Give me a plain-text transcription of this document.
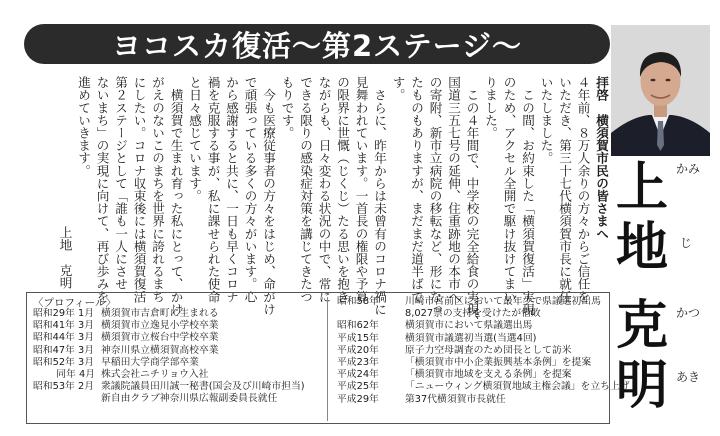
ヨコスカ復活〜第2ステージ〜
拝啓　横須賀市民の皆さまへ
４年前、８万人余りの方々からご信任を
いただき、第三十七代横須賀市長に就任
いたしました。
　この間、お約束した「横須賀復活」実現
のため、アクセル全開で駆け抜けてまい
りました。
　この４年間で、中学校の完全給食の実現、
国道三五七号の延伸、住重跡地の本市へ
の寄附、新市立病院の移転など、形になっ
たものもありますが、まだまだ道半ばで
す。
　さらに、昨年からは未曾有のコロナ禍に
見舞われています。一首長の権限や予算
の限界に世慨（じくじ）たる思いを抱き
ながらも、日々変わる状況の中で、常に
できる限りの感染症対策を講じてきたつ
もりです。
　今も医療従事者の方々をはじめ、命がけ
で頑張っている多くの方々がいます。心
から感謝すると共に、一日も早くコロナ
禍を克服する事が、私に課せられた使命
と日々感じています。
　横須賀で生まれ育った私にとって、かけ
がえのないこのまちを世界に誇れるまち
にしたい。コロナ収束後には横須賀復活
第２ステージとして「誰も一人にさせ
ないまち」の実現に向けて、再び歩みを
進めていきます。
上地　克明
〈プロフィール〉
昭和29年 1月 横須賀市吉倉町に生まれる
昭和41年 3月 横須賀市立逸見小学校卒業
昭和44年 3月 横須賀市立桜台中学校卒業
昭和47年 3月 神奈川県立横須賀高校卒業
昭和52年 3月 早稲田大学商学部卒業
同年 4月 株式会社ニチリョウ入社
昭和53年 2月 衆議院議員田川誠一秘書(国会及び川崎市担当)
新自由クラブ神奈川県広報副委員長就任
昭和58年	川崎市宮前区において最年少で県議選初出馬
8,027票の支持を受けたが惜敗
昭和62年	横須賀市において県議選出馬
平成15年	横須賀市議選初当選(当選4回)
平成20年	原子力空母調査のため団長として訪米
平成23年	「横須賀市中小企業振興基本条例」を提案
平成24年	「横須賀市地域を支える条例」を提案
平成25年	「ニューウィング横須賀地域主権会議」を立ち上げ
平成29年	第37代横須賀市長就任
上 かみ
地 じ
克 かつ
明 あき
